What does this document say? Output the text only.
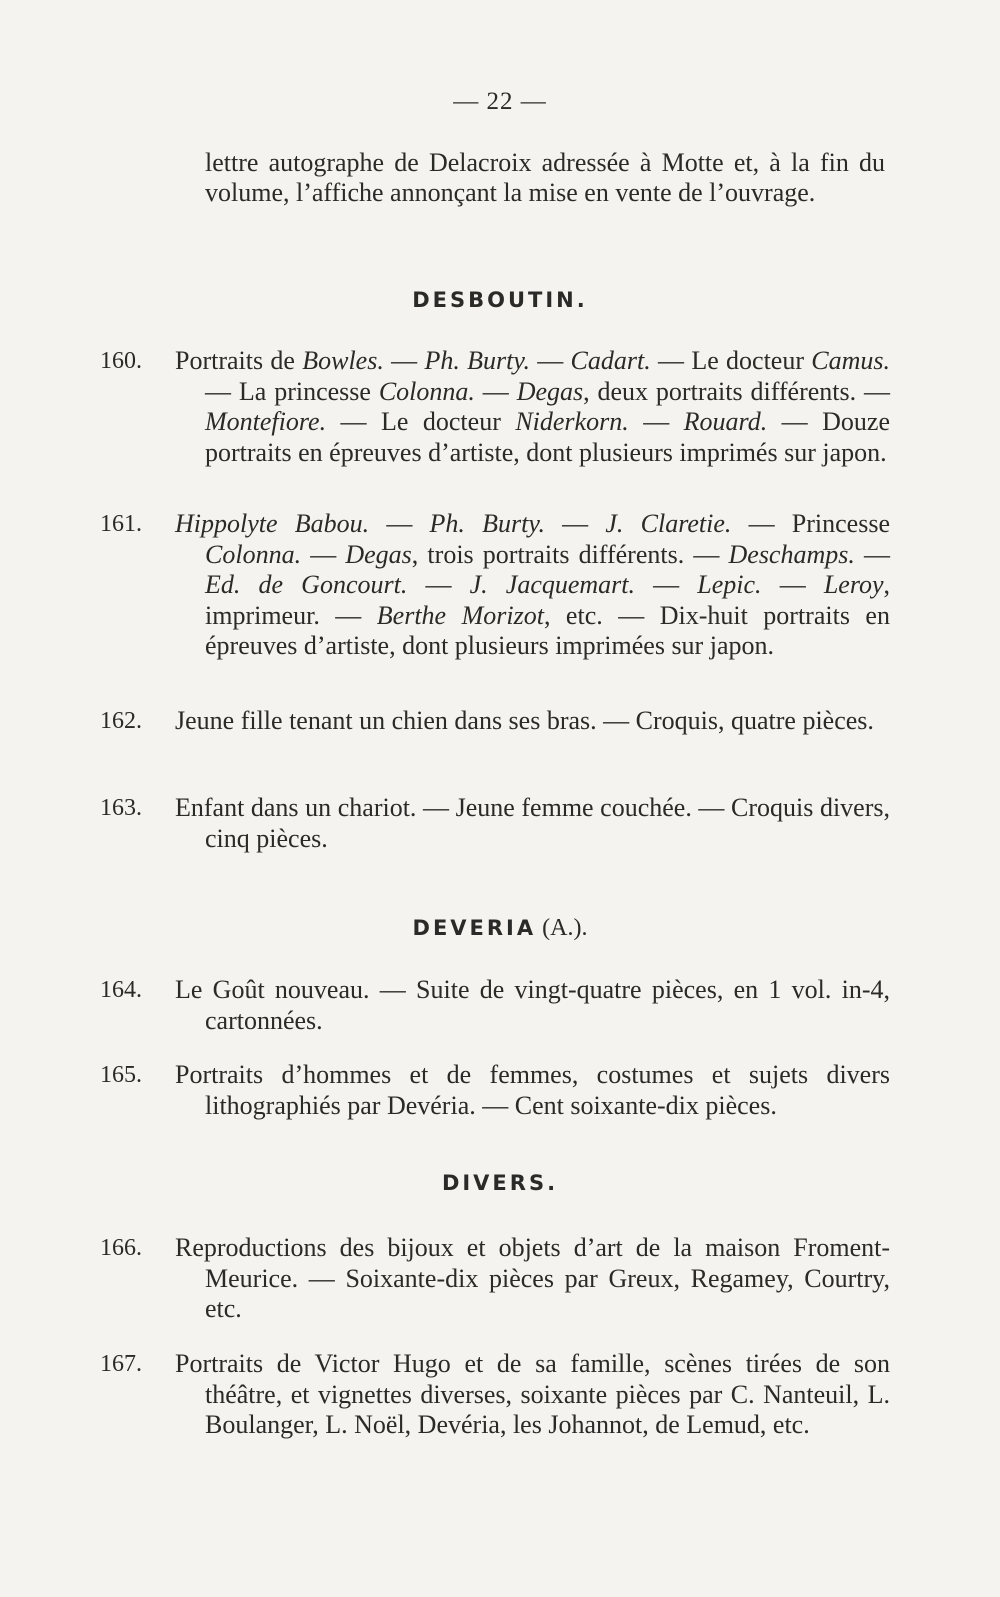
— 22 —
lettre autographe de Delacroix adressée à Motte et, à la fin du volume, l’affiche annonçant la mise en vente de l’ouvrage.
DESBOUTIN.
160.	Portraits de Bowles. — Ph. Burty. — Cadart. — Le docteur Camus. — La princesse Colonna. — Degas, deux portraits différents. — Montefiore. — Le docteur Niderkorn. — Rouard. — Douze portraits en épreuves d’artiste, dont plusieurs imprimés sur japon.
161.	Hippolyte Babou. — Ph. Burty. — J. Claretie. — Princesse Colonna. — Degas, trois portraits différents. — Deschamps. — Ed. de Goncourt. — J. Jacquemart. — Lepic. — Leroy, imprimeur. — Berthe Morizot, etc. — Dix-huit portraits en épreuves d’artiste, dont plusieurs imprimées sur japon.
162.	Jeune fille tenant un chien dans ses bras. — Croquis, quatre pièces.
163.	Enfant dans un chariot. — Jeune femme couchée. — Croquis divers, cinq pièces.
DEVERIA (A.).
164.	Le Goût nouveau. — Suite de vingt-quatre pièces, en 1 vol. in-4, cartonnées.
165.	Portraits d’hommes et de femmes, costumes et sujets divers lithographiés par Devéria. — Cent soixante-dix pièces.
DIVERS.
166.	Reproductions des bijoux et objets d’art de la maison Froment-Meurice. — Soixante-dix pièces par Greux, Regamey, Courtry, etc.
167.	Portraits de Victor Hugo et de sa famille, scènes tirées de son théâtre, et vignettes diverses, soixante pièces par C. Nanteuil, L. Boulanger, L. Noël, Devéria, les Johannot, de Lemud, etc.
